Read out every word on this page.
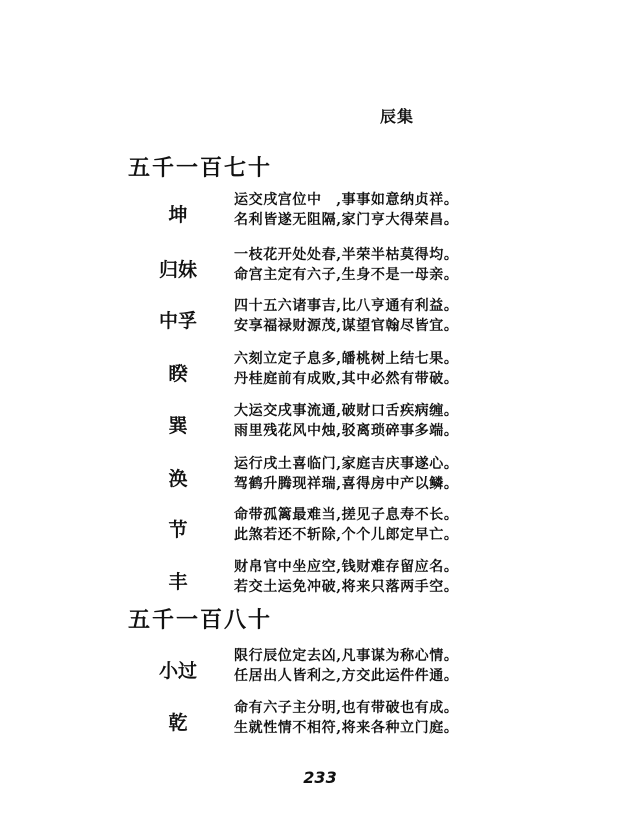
辰集
五千一百七十
坤
运交戌宫位中　,事事如意纳贞祥。
名利皆遂无阻隔,家门亨大得荣昌。
归妹
一枝花开处处春,半荣半枯莫得均。
命宫主定有六子,生身不是一母亲。
中孚
四十五六诸事吉,比八亨通有利益。
安享福禄财源茂,谋望官翰尽皆宜。
睽
六刻立定子息多,皤桃树上结七果。
丹桂庭前有成败,其中必然有带破。
巽
大运交戌事流通,破财口舌疾病缠。
雨里残花风中烛,驳离琐碎事多端。
涣
运行戌土喜临门,家庭吉庆事遂心。
驾鹤升腾现祥瑞,喜得房中产以鳞。
节
命带孤篱最难当,搓见子息寿不长。
此煞若还不斩除,个个儿郎定早亡。
丰
财帛官中坐应空,钱财难存留应名。
若交土运免冲破,将来只落两手空。
五千一百八十
小过
限行辰位定去凶,凡事谋为称心情。
任居出人皆利之,方交此运件件通。
乾
命有六子主分明,也有带破也有成。
生就性情不相符,将来各种立门庭。
233
